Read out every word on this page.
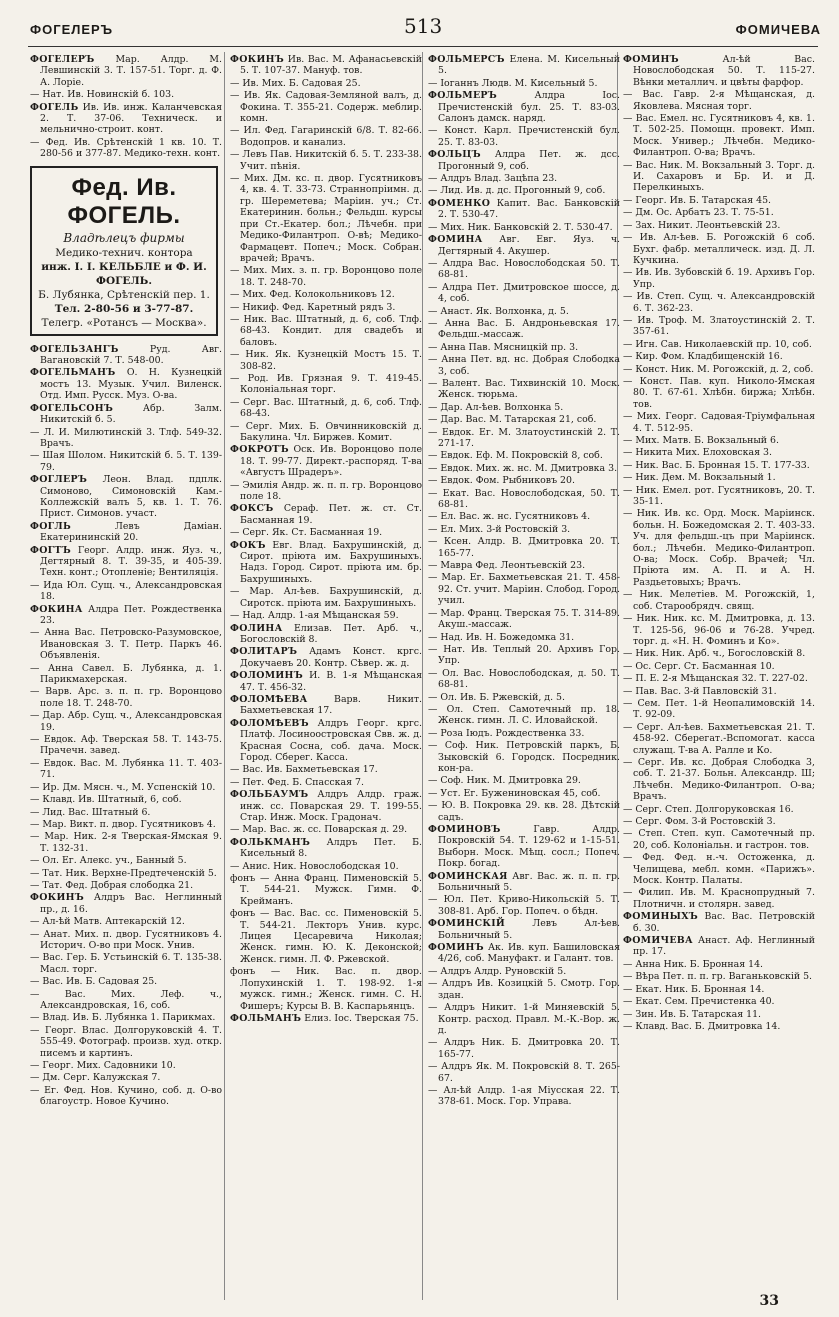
ФОГЕЛЕРЪ	513	ФОМИЧЕВА
ФОГЕЛЕРЪ Мар. Алдр. М. Левшинскій 3. Т. 157-51. Торг. д. Ф. А. Лоріе.
— Нат. Ив. Новинскій б. 103.
ФОГЕЛЬ Ив. Ив. инж. Каланчевская 2. Т. 37-06. Техническ. и мельнично-строит. конт.
— Фед. Ив. Срѣтенскій 1 кв. 10. Т. 280-56 и 377-87. Медико-техн. конт.
Фед. Ив. ФОГЕЛЬ.
Владѣлецъ фирмы
Медико-технич. контора
инж. І. І. КЕЛЬБЛЕ и Ф. И. ФОГЕЛЬ.
Б. Лубянка, Срѣтенскій пер. 1.
Тел. 2-80-56 и 3-77-87.
Телегр. «Ротансъ — Москва».
ФОГЕЛЬЗАНГЪ Руд. Авг. Вагановскій 7. Т. 548-00.
ФОГЕЛЬМАНЪ О. Н. Кузнецкій мостъ 13. Музык. Учил. Виленск. Отд. Имп. Русск. Муз. О-ва.
ФОГЕЛЬСОНЪ Абр. Залм. Никитскій б. 5.
— Л. И. Милютинскій 3. Тлф. 549-32. Врачъ.
— Шая Шолом. Никитскій б. 5. Т. 139-79.
ФОГЛЕРЪ Леон. Влад. пдплк. Симоново, Симоновскій Кам.-Коллежскій валъ 5, кв. 1. Т. 76. Прист. Симонов. участ.
ФОГЛЬ Левъ Даміан. Екатерининскій 20.
ФОГТЪ Георг. Алдр. инж. Яуз. ч., Дегтярный 8. Т. 39-35, и 405-39. Техн. конт.; Отопленіе; Вентиляція.
— Ида Юл. Сущ. ч., Александровская 18.
ФОКИНА Алдра Пет. Рождественка 23.
— Анна Вас. Петровско-Разумовское, Ивановская 3. Т. Петр. Паркъ 46. Объявленія.
— Анна Савел. Б. Лубянка, д. 1. Парикмахерская.
— Варв. Арс. з. п. п. гр. Воронцово поле 18. Т. 248-70.
— Дар. Абр. Сущ. ч., Александровская 19.
— Евдок. Аф. Тверская 58. Т. 143-75. Прачечн. завед.
— Евдок. Вас. М. Лубянка 11. Т. 403-71.
— Ир. Дм. Мясн. ч., М. Успенскій 10.
— Клавд. Ив. Штатный, 6, соб.
— Лид. Вас. Штатный 6.
— Мар. Викт. п. двор. Гусятниковъ 4.
— Мар. Ник. 2-я Тверская-Ямская 9. Т. 132-31.
— Ол. Ег. Алекс. уч., Банный 5.
— Тат. Ник. Верхне-Предтеченскій 5.
— Тат. Фед. Добрая слободка 21.
ФОКИНЪ Алдръ Вас. Неглинный пр., д. 16.
— Ал-ѣй Матв. Аптекарскій 12.
— Анат. Мих. п. двор. Гусятниковъ 4. Историч. О-во при Моск. Унив.
— Вас. Гер. Б. Устьинскій 6. Т. 135-38. Масл. торг.
— Вас. Ив. Б. Садовая 25.
— Вас. Мих. Леф. ч., Александровская, 16, соб.
— Влад. Ив. Б. Лубянка 1. Парикмах.
— Георг. Влас. Долгоруковскій 4. Т. 555-49. Фотограф. произв. худ. откр. писемъ и картинъ.
— Георг. Мих. Садовники 10.
— Дм. Серг. Калужская 7.
— Ег. Фед. Нов. Кучино, соб. д. О-во благоустр. Новое Кучино.
ФОКИНЪ Ив. Вас. М. Афанасьевскій 5. Т. 107-37. Мануф. тов.
— Ив. Мих. Б. Садовая 25.
— Ив. Як. Садовая-Земляной валъ, д. Фокина. Т. 355-21. Содерж. меблир. комн.
— Ил. Фед. Гагаринскій 6/8. Т. 82-66. Водопров. и канализ.
— Левъ Пав. Никитскій б. 5. Т. 233-38. Учит. пѣнія.
— Мих. Дм. кс. п. двор. Гусятниковъ 4, кв. 4. Т. 33-73. Страннопріимн. д. гр. Шереметева; Маріин. уч.; Ст. Екатеринин. больн.; Фельдш. курсы при Ст.-Екатер. бол.; Лѣчебн. при Медико-Филантроп. О-вѣ; Медико-Фармацевт. Попеч.; Моск. Собран. врачей; Врачъ.
— Мих. Мих. з. п. гр. Воронцово поле 18. Т. 248-70.
— Мих. Фед. Колокольниковъ 12.
— Никиф. Фед. Каретный рядъ 3.
— Ник. Вас. Штатный, д. 6, соб. Тлф. 68-43. Кондит. для свадебъ и баловъ.
— Ник. Як. Кузнецкій Мостъ 15. Т. 308-82.
— Род. Ив. Грязная 9. Т. 419-45. Колоніальная торг.
— Серг. Вас. Штатный, д. 6, соб. Тлф. 68-43.
— Серг. Мих. Б. Овчинниковскій д. Бакулина. Чл. Биржев. Комит.
ФОКРОТЪ Оск. Ив. Воронцово поле 18. Т. 99-77. Директ.-распоряд. Т-ва «Августъ Шрадеръ».
— Эмилія Андр. ж. п. п. гр. Воронцово поле 18.
ФОКСЪ Сераф. Пет. ж. ст. Ст. Басманная 19.
— Серг. Як. Ст. Басманная 19.
ФОКЪ Евг. Влад. Бахрушинскій, д. Сирот. пріюта им. Бахрушиныхъ. Надз. Город. Сирот. пріюта им. бр. Бахрушиныхъ.
— Мар. Ал-ѣев. Бахрушинскій, д. Сиротск. пріюта им. Бахрушиныхъ.
— Над. Алдр. 1-ая Мѣщанская 59.
ФОЛИНА Елизав. Пет. Арб. ч., Богословскій 8.
ФОЛИТАРЪ Адамъ Конст. кргс. Докучаевъ 20. Контр. Сѣвер. ж. д.
ФОЛОМИНЪ И. В. 1-я Мѣщанская 47. Т. 456-32.
ФОЛОМѢЕВА Варв. Никит. Бахметьевская 17.
ФОЛОМѢЕВЪ Алдръ Георг. кргс. Платф. Лосиноостровская Свв. ж. д. Красная Сосна, соб. дача. Моск. Город. Сберег. Касса.
— Вас. Ив. Бахметьевская 17.
— Пет. Фед. Б. Спасская 7.
ФОЛЬБАУМЪ Алдръ Алдр. граж. инж. сс. Поварская 29. Т. 199-55. Стар. Инж. Моск. Градонач.
— Мар. Вас. ж. сс. Поварская д. 29.
ФОЛЬКМАНЪ Алдръ Пет. Б. Кисельный 8.
— Анис. Ник. Новослободская 10.
фонъ — Анна Франц. Пименовскій 5. Т. 544-21. Мужск. Гимн. Ф. Крейманъ.
фонъ — Вас. Вас. сс. Пименовскій 5. Т. 544-21. Лекторъ Унив. курс. Лицея Цесаревича Николая; Женск. гимн. Ю. К. Деконской; Женск. гимн. Л. Ф. Ржевской.
фонъ — Ник. Вас. п. двор. Лопухинскій 1. Т. 198-92. 1-я мужск. гимн.; Женск. гимн. С. Н. Фишеръ; Курсы В. В. Каспарьянцъ.
ФОЛЬМАНЪ Елиз. Іос. Тверская 75.
ФОЛЬМЕРСЪ Елена. М. Кисельный 5.
— Іоганнъ Людв. М. Кисельный 5.
ФОЛЬМЕРЪ Алдра Іос. Пречистенскій бул. 25. Т. 83-03. Салонъ дамск. наряд.
— Конст. Карл. Пречистенскій бул. 25. Т. 83-03.
ФОЛЬЦЪ Алдра Пет. ж. дсс. Прогонный 9, соб.
— Алдръ Влад. Зацѣпа 23.
— Лид. Ив. д. дс. Прогонный 9, соб.
ФОМЕНКО Капит. Вас. Банковскій 2. Т. 530-47.
— Мих. Ник. Банковскій 2. Т. 530-47.
ФОМИНА Авг. Евг. Яуз. ч. Дегтярный 4. Акушер.
— Алдра Вас. Новослободская 50. Т. 68-81.
— Алдра Пет. Дмитровское шоссе, д. 4, соб.
— Анаст. Як. Волхонка, д. 5.
— Анна Вас. Б. Андроньевская 17. Фельдш.-массаж.
— Анна Пав. Мясницкій пр. 3.
— Анна Пет. вд. нс. Добрая Слободка 3, соб.
— Валент. Вас. Тихвинскій 10. Моск. Женск. тюрьма.
— Дар. Ал-ѣев. Волхонка 5.
— Дар. Вас. М. Татарская 21, соб.
— Евдок. Ег. М. Златоустинскій 2. Т. 271-17.
— Евдок. Еф. М. Покровскій 8, соб.
— Евдок. Мих. ж. нс. М. Дмитровка 3.
— Евдок. Фом. Рыбниковъ 20.
— Екат. Вас. Новослободская, 50. Т. 68-81.
— Ел. Вас. ж. нс. Гусятниковъ 4.
— Ел. Мих. 3-й Ростовскій 3.
— Ксен. Алдр. В. Дмитровка 20. Т. 165-77.
— Мавра Фед. Леонтьевскій 23.
— Мар. Ег. Бахметьевская 21. Т. 458-92. Ст. учит. Маріин. Слобод. Город. учил.
— Мар. Франц. Тверская 75. Т. 314-89. Акуш.-массаж.
— Над. Ив. Н. Божедомка 31.
— Нат. Ив. Теплый 20. Архивъ Гор. Упр.
— Ол. Вас. Новослободская, д. 50. Т. 68-81.
— Ол. Ив. Б. Ржевскій, д. 5.
— Ол. Степ. Самотечный пр. 18. Женск. гимн. Л. С. Иловайской.
— Роза Іюдъ. Рождественка 33.
— Соф. Ник. Петровскій паркъ, Б. Зыковскій 6. Городск. Посредник. кон-ра.
— Соф. Ник. М. Дмитровка 29.
— Уст. Ег. Бужениновская 45, соб.
— Ю. В. Покровка 29. кв. 28. Дѣтскій садъ.
ФОМИНОВЪ Гавр. Алдр. Покровскій 54. Т. 129-62 и 1-15-51. Выборн. Моск. Мѣщ. сосл.; Попеч. Покр. богад.
ФОМИНСКАЯ Авг. Вас. ж. п. п. гр. Больничный 5.
— Юл. Пет. Криво-Никольскій 5. Т. 308-81. Арб. Гор. Попеч. о бѣдн.
ФОМИНСКІЙ Левъ Ал-ѣев. Больничный 5.
ФОМИНЪ Ак. Ив. куп. Башиловская 4/26, соб. Мануфакт. и Галант. тов.
— Алдръ Алдр. Руновскій 5.
— Алдръ Ив. Козицкій 5. Смотр. Гор. здан.
— Алдръ Никит. 1-й Миняевскій 5. Контр. расход. Правл. М.-К.-Вор. ж. д.
— Алдръ Ник. Б. Дмитровка 20. Т. 165-77.
— Алдръ Як. М. Покровскій 8. Т. 265-67.
— Ал-ѣй Алдр. 1-ая Міусская 22. Т. 378-61. Моск. Гор. Управа.
ФОМИНЪ Ал-ѣй Вас. Новослободская 50. Т. 115-27. Вѣнки металлич. и цвѣты фарфор.
— Вас. Гавр. 2-я Мѣщанская, д. Яковлева. Мясная торг.
— Вас. Емел. нс. Гусятниковъ 4, кв. 1. Т. 502-25. Помощн. провект. Имп. Моск. Универ.; Лѣчебн. Медико-Филантроп. О-ва; Врачъ.
— Вас. Ник. М. Вокзальный 3. Торг. д. И. Сахаровъ и Бр. И. и Д. Перелкиныхъ.
— Георг. Ив. Б. Татарская 45.
— Дм. Ос. Арбатъ 23. Т. 75-51.
— Зах. Никит. Леонтьевскій 23.
— Ив. Ал-ѣев. Б. Рогожскій 6 соб. Бухг. фабр. металлическ. изд. Д. Л. Кучкина.
— Ив. Ив. Зубовскій б. 19. Архивъ Гор. Упр.
— Ив. Степ. Сущ. ч. Александровскій 6. Т. 362-23.
— Ив. Троф. М. Златоустинскій 2. Т. 357-61.
— Игн. Сав. Николаевскій пр. 10, соб.
— Кир. Фом. Кладбищенскій 16.
— Конст. Ник. М. Рогожскій, д. 2, соб.
— Конст. Пав. куп. Николо-Ямская 80. Т. 67-61. Хлѣбн. биржа; Хлѣбн. тов.
— Мих. Георг. Садовая-Тріумфальная 4. Т. 512-95.
— Мих. Матв. Б. Вокзальный 6.
— Никита Мих. Елоховская 3.
— Ник. Вас. Б. Бронная 15. Т. 177-33.
— Ник. Дем. М. Вокзальный 1.
— Ник. Емел. рот. Гусятниковъ, 20. Т. 35-11.
— Ник. Ив. кс. Орд. Моск. Маріинск. больн. Н. Божедомская 2. Т. 403-33. Уч. для фельдш.-цъ при Маріинск. бол.; Лѣчебн. Медико-Филантроп. О-ва; Моск. Собр. Врачей; Чл. Пріюта им. А. П. и А. Н. Раздьетовыхъ; Врачъ.
— Ник. Мелетіев. М. Рогожскій, 1, соб. Старообрядч. свящ.
— Ник. Ник. кс. М. Дмитровка, д. 13. Т. 125-56, 96-06 и 76-28. Учред. торг. д. «Н. Н. Фоминъ и Ко».
— Ник. Ник. Арб. ч., Богословскій 8.
— Ос. Серг. Ст. Басманная 10.
— П. Е. 2-я Мѣщанская 32. Т. 227-02.
— Пав. Вас. 3-й Павловскій 31.
— Сем. Пет. 1-й Неопалимовскій 14. Т. 92-09.
— Серг. Ал-ѣев. Бахметьевская 21. Т. 458-92. Сберегат.-Вспомогат. касса служащ. Т-ва А. Ралле и Ко.
— Серг. Ив. кс. Добрая Слободка 3, соб. Т. 21-37. Больн. Александр. Ш; Лѣчебн. Медико-Филантроп. О-ва; Врачъ.
— Серг. Степ. Долгоруковская 16.
— Серг. Фом. 3-й Ростовскій 3.
— Степ. Степ. куп. Самотечный пр. 20, соб. Колоніальн. и гастрон. тов.
— Фед. Фед. н.-ч. Остоженка, д. Челищева, мебл. комн. «Парижъ». Моск. Контр. Палаты.
— Филип. Ив. М. Краснопрудный 7. Плотничн. и столярн. завед.
ФОМИНЫХЪ Вас. Вас. Петровскій б. 30.
ФОМИЧЕВА Анаст. Аф. Неглинный пр. 17.
— Анна Ник. Б. Бронная 14.
— Вѣра Пет. п. п. гр. Ваганьковскій 5.
— Екат. Ник. Б. Бронная 14.
— Екат. Сем. Пречистенка 40.
— Зин. Ив. Б. Татарская 11.
— Клавд. Вас. Б. Дмитровка 14.
33
